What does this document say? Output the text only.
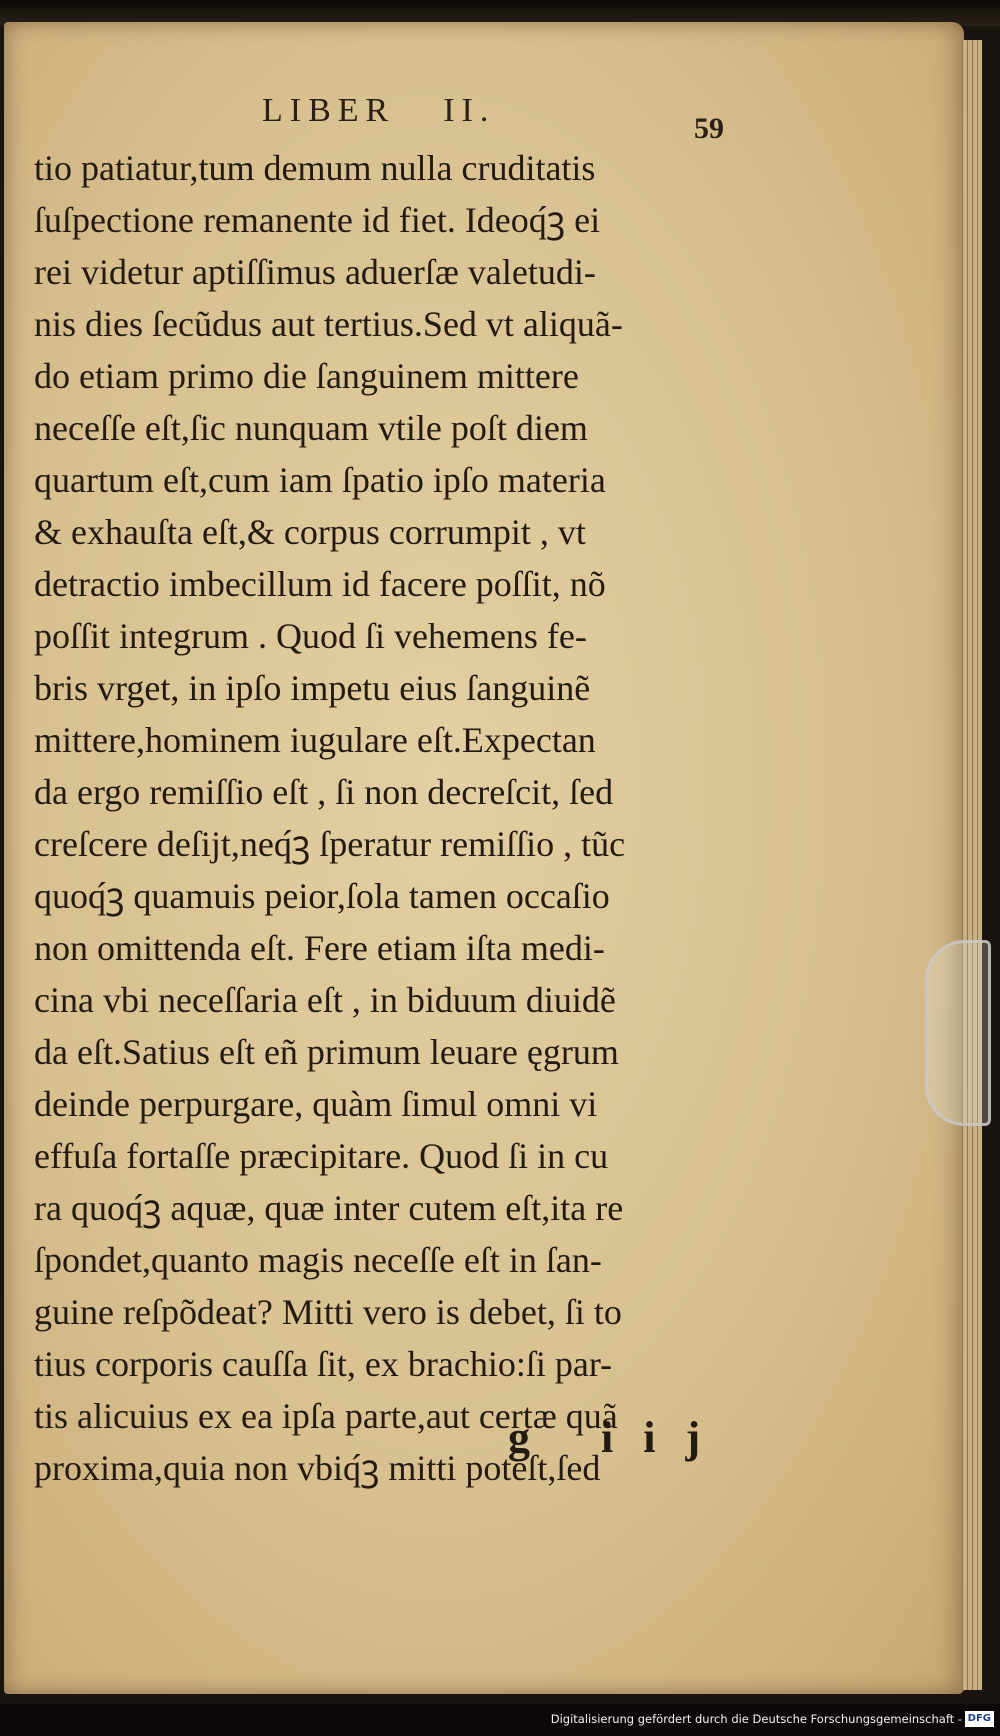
LIBER II.	59
tio patiatur,tum demum nulla cruditatis
ſuſpectione remanente id fiet. Ideoq́ꝫ ei
rei videtur aptiſſimus aduerſæ valetudi-
nis dies ſecũdus aut tertius.Sed vt aliquã-
do etiam primo die ſanguinem mittere
neceſſe eſt,ſic nunquam vtile poſt diem
quartum eſt,cum iam ſpatio ipſo materia
& exhauſta eſt,& corpus corrumpit , vt
detractio imbecillum id facere poſſit, nõ
poſſit integrum . Quod ſi vehemens fe-
bris vrget, in ipſo impetu eius ſanguinẽ
mittere,hominem iugulare eſt.Expectan
da ergo remiſſio eſt , ſi non decreſcit, ſed
creſcere deſijt,neq́ꝫ ſperatur remiſſio , tũc
quoq́ꝫ quamuis peior,ſola tamen occaſio
non omittenda eſt. Fere etiam iſta medi-
cina vbi neceſſaria eſt , in biduum diuidẽ
da eſt.Satius eſt eñ primum leuare ęgrum
deinde perpurgare, quàm ſimul omni vi
effuſa fortaſſe præcipitare. Quod ſi in cu
ra quoq́ꝫ aquæ, quæ inter cutem eſt,ita re
ſpondet,quanto magis neceſſe eſt in ſan-
guine reſpõdeat? Mitti vero is debet, ſi to
tius corporis cauſſa ſit, ex brachio:ſi par-
tis alicuius ex ea ipſa parte,aut certæ quã
proxima,quia non vbiq́ꝫ mitti poteſt,ſed
g iij
Digitalisierung gefördert durch die Deutsche Forschungsgemeinschaft - DFG
